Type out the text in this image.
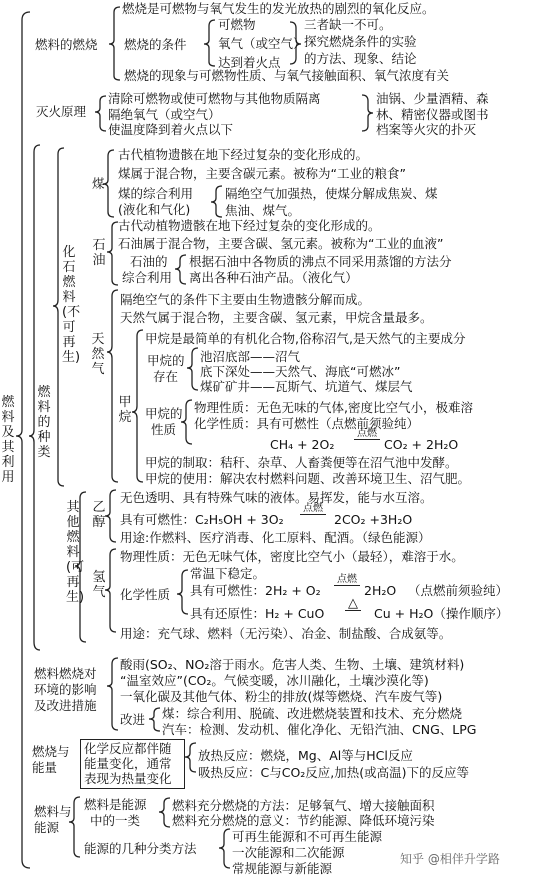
燃料及其利用
燃料的燃烧
燃烧是可燃物与氧气发生的发光放热的剧烈的氧化反应。
燃烧的条件
可燃物
氧气（或空气）
达到着火点
三者缺一不可。
探究燃烧条件的实验
的方法、现象、结论
燃烧的现象与可燃物性质、与氧气接触面积、氧气浓度有关
灭火原理
清除可燃物或使可燃物与其他物质隔离
隔绝氧气（或空气）
使温度降到着火点以下
油锅、少量酒精、森
林、精密仪器或图书
档案等火灾的扑灭
燃料的种类
化石燃料(不可再生)
煤
古代植物遗骸在地下经过复杂的变化形成的。
煤属于混合物，主要含碳元素。被称为“工业的粮食”
煤的综合利用
(液化和气化)
隔绝空气加强热，使煤分解成焦炭、煤
焦油、煤气。
石油
古代动植物遗骸在地下经过复杂的变化形成的。
石油属于混合物，主要含碳、氢元素。被称为“工业的血液”
石油的
综合利用
根据石油中各物质的沸点不同采用蒸馏的方法分
离出各种石油产品。（液化气）
天然气
隔绝空气的条件下主要由生物遗骸分解而成。
天然气属于混合物，主要含碳、氢元素，甲烷含量最多。
甲烷
甲烷是最简单的有机化合物,俗称沼气,是天然气的主要成分
甲烷的
存在
池沼底部——沼气
底下深处——天然气、海底“可燃冰”
煤矿矿井——瓦斯气、坑道气、煤层气
甲烷的
性质
物理性质：无色无味的气体,密度比空气小，极难溶
化学性质：具有可燃性（点燃前须验纯）
CH₄ + 2O₂
点燃
CO₂ + 2H₂O
甲烷的制取：秸秆、杂草、人畜粪便等在沼气池中发酵。
甲烷的使用：解决农村燃料问题、改善环境卫生、沼气肥。
其他燃料(可再生)
乙醇
无色透明、具有特殊气味的液体。易挥发，能与水互溶。
具有可燃性：C₂H₅OH + 3O₂
点燃
2CO₂ +3H₂O
用途:作燃料、医疗消毒、化工原料、配酒。（绿色能源）
氢气
物理性质：无色无味气体，密度比空气小（最轻），难溶于水。
化学性质
常温下稳定。
具有可燃性：2H₂ + O₂
点燃
2H₂O （点燃前须验纯）
具有还原性：H₂ + CuO
△
Cu + H₂O（操作顺序）
用途：充气球、燃料（无污染）、冶金、制盐酸、合成氨等。
燃料燃烧对
环境的影响
及改进措施
酸雨(SO₂、NO₂溶于雨水。危害人类、生物、土壤、建筑材料)
“温室效应”(CO₂。气候变暖，冰川融化，土壤沙漠化等)
一氧化碳及其他气体、粉尘的排放(煤等燃烧、汽车废气等)
改进 煤：综合利用、脱硫、改进燃烧装置和技术、充分燃烧
汽车：检测、发动机、催化净化、无铅汽油、CNG、LPG
燃烧与
能量
化学反应都伴随
能量变化，通常
表现为热量变化
放热反应：燃烧，Mg、Al等与HCl反应
吸热反应：C与CO₂反应,加热(或高温)下的反应等
燃料与
能源
燃料是能源
中的一类
燃料充分燃烧的方法：足够氧气、增大接触面积
燃料充分燃烧的意义：节约能源、降低环境污染
能源的几种分类方法
可再生能源和不可再生能源
一次能源和二次能源
常规能源与新能源
知乎 @相伴升学路
